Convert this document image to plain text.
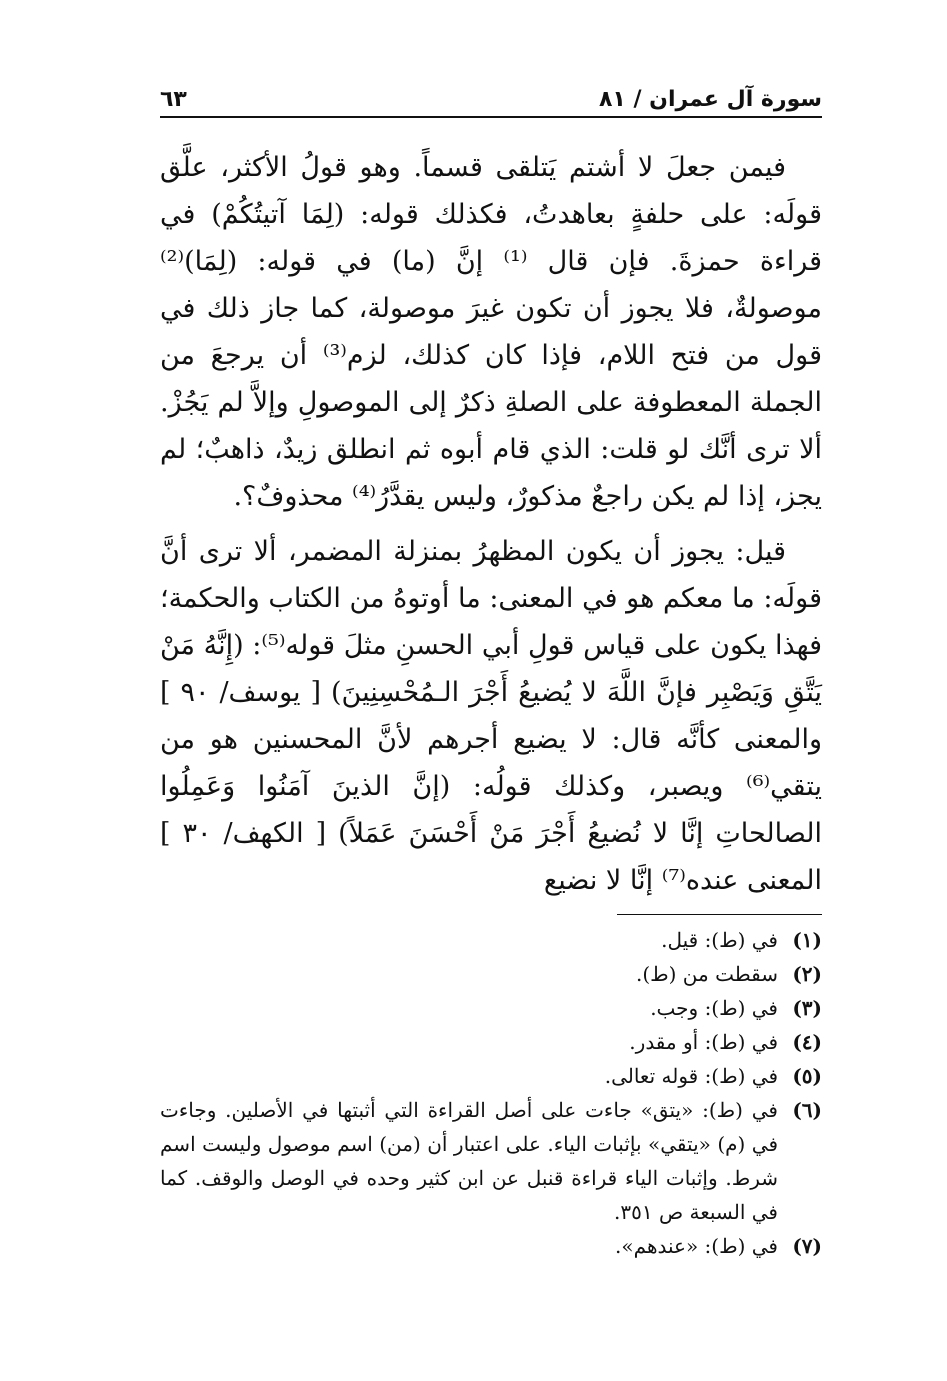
سورة آل عمران / ٨١
٦٣

فيمن جعلَ لا أشتم يَتلقى قسماً. وهو قولُ الأكثر، علَّق قولَه: على حلفةٍ بعاهدتُ، فكذلك قوله: (لِمَا آتيتُكُمْ) في قراءة حمزةَ. فإن قال ⁽¹⁾ إنَّ (ما) في قوله: (لِمَا)⁽²⁾ موصولةٌ، فلا يجوز أن تكون غيرَ موصولة، كما جاز ذلك في قول من فتح اللام، فإذا كان كذلك، لزم⁽³⁾ أن يرجعَ من الجملة المعطوفة على الصلةِ ذكرٌ إلى الموصولِ وإلاَّ لم يَجُزْ. ألا ترى أنَّك لو قلت: الذي قام أبوه ثم انطلق زيدٌ، ذاهبٌ؛ لم يجز، إذا لم يكن راجعٌ مذكورٌ، وليس يقدَّرُ⁽⁴⁾ محذوفٌ؟.

قيل: يجوز أن يكون المظهرُ بمنزلة المضمر، ألا ترى أنَّ قولَه: ما معكم هو في المعنى: ما أوتوهُ من الكتاب والحكمة؛ فهذا يكون على قياس قولِ أبي الحسنِ مثلَ قوله⁽⁵⁾: (إِنَّهُ مَنْ يَتَّقِ وَيَصْبِر فإنَّ اللَّهَ لا يُضيعُ أَجْرَ الـمُحْسِنِينَ) [ يوسف/ ٩٠ ] والمعنى كأنَّه قال: لا يضيع أجرهم لأنَّ المحسنين هو من يتقي⁽⁶⁾ ويصبر، وكذلك قولُه: (إنَّ الذينَ آمَنُوا وَعَمِلُوا الصالحاتِ إنَّا لا نُضيعُ أَجْرَ مَنْ أَحْسَنَ عَمَلاً) [ الكهف/ ٣٠ ] المعنى عنده⁽⁷⁾ إنَّا لا نضيع

(١)
في (ط): قيل.
(٢)
سقطت من (ط).
(٣)
في (ط): وجب.
(٤)
في (ط): أو مقدر.
(٥)
في (ط): قوله تعالى.
(٦)
في (ط): «يتق» جاءت على أصل القراءة التي أثبتها في الأصلين. وجاءت في (م) «يتقي» بإثبات الياء. على اعتبار أن (من) اسم موصول وليست اسم شرط. وإثبات الياء قراءة قنبل عن ابن كثير وحده في الوصل والوقف. كما في السبعة ص ٣٥١.
(٧)
في (ط): «عندهم».
